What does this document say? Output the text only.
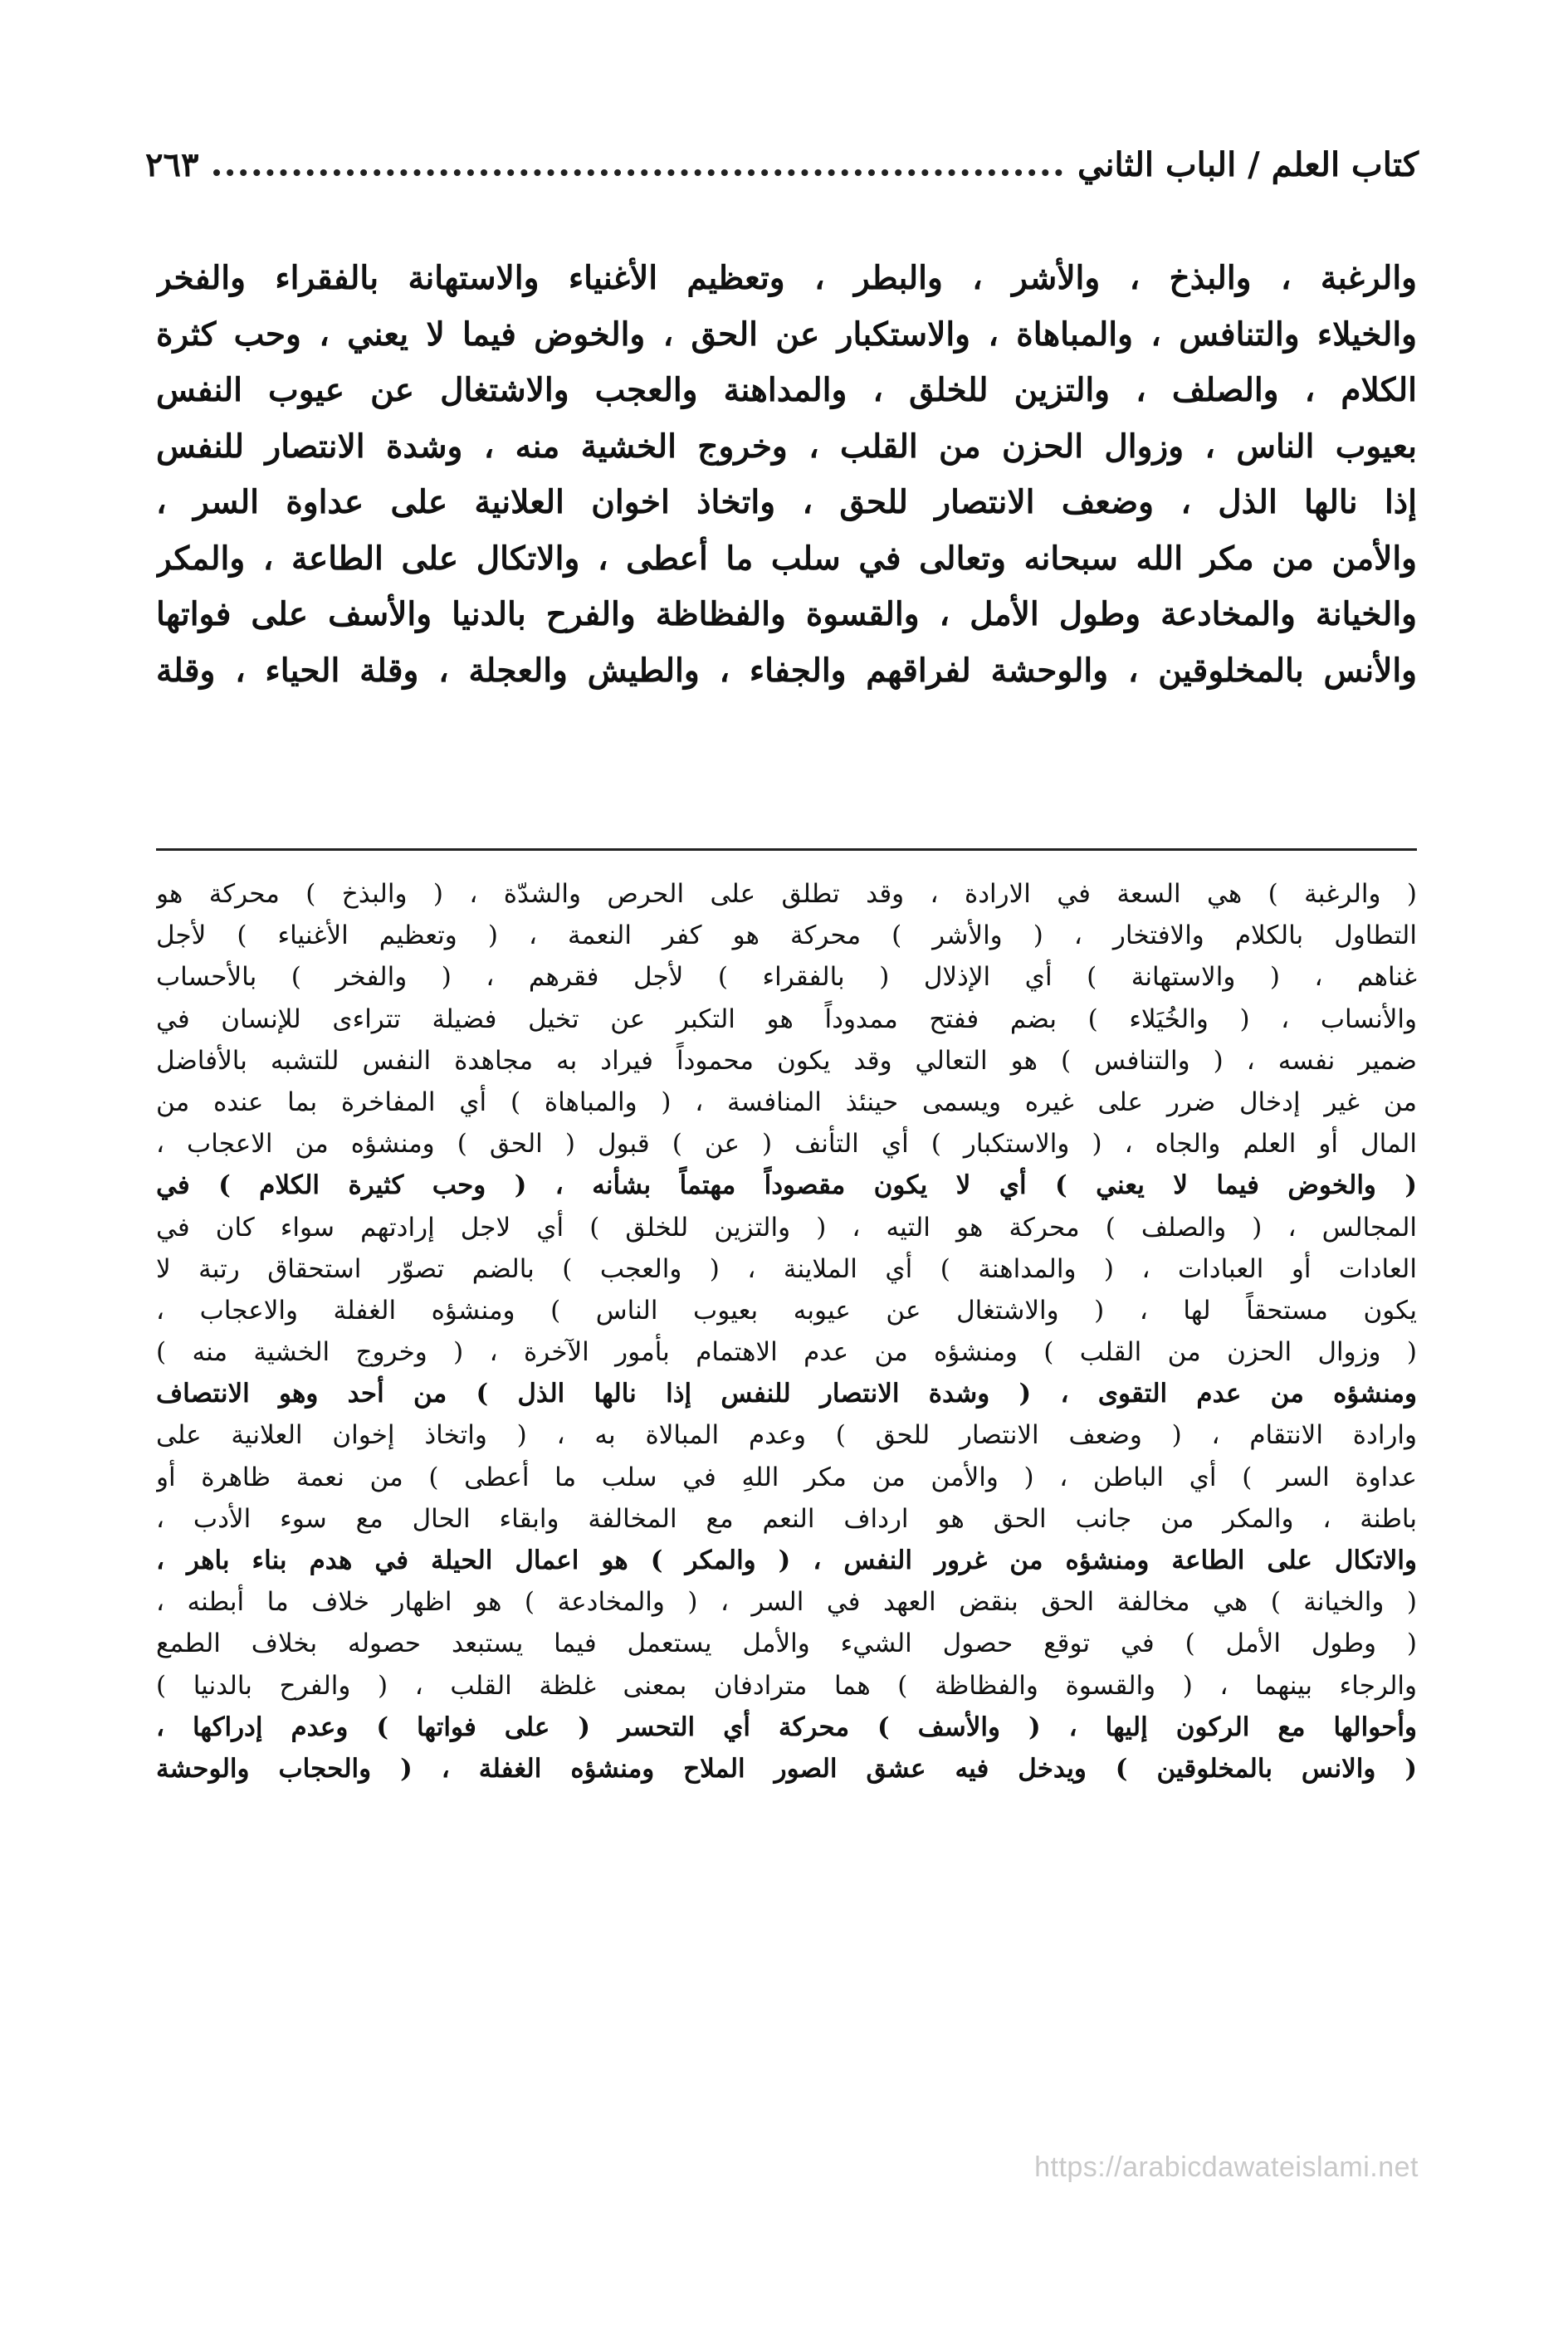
كتاب العلم / الباب الثاني
٢٦٣
والرغبة ، والبذخ ، والأشر ، والبطر ، وتعظيم الأغنياء والاستهانة بالفقراء والفخر
والخيلاء والتنافس ، والمباهاة ، والاستكبار عن الحق ، والخوض فيما لا يعني ، وحب كثرة
الكلام ، والصلف ، والتزين للخلق ، والمداهنة والعجب والاشتغال عن عيوب النفس
بعيوب الناس ، وزوال الحزن من القلب ، وخروج الخشية منه ، وشدة الانتصار للنفس
إذا نالها الذل ، وضعف الانتصار للحق ، واتخاذ اخوان العلانية على عداوة السر ،
والأمن من مكر الله سبحانه وتعالى في سلب ما أعطى ، والاتكال على الطاعة ، والمكر
والخيانة والمخادعة وطول الأمل ، والقسوة والفظاظة والفرح بالدنيا والأسف على فواتها
والأنس بالمخلوقين ، والوحشة لفراقهم والجفاء ، والطيش والعجلة ، وقلة الحياء ، وقلة
( والرغبة ) هي السعة في الارادة ، وقد تطلق على الحرص والشدّة ، ( والبذخ ) محركة هو
التطاول بالكلام والافتخار ، ( والأشر ) محركة هو كفر النعمة ، ( وتعظيم الأغنياء ) لأجل
غناهم ، ( والاستهانة ) أي الإذلال ( بالفقراء ) لأجل فقرهم ، ( والفخر ) بالأحساب
والأنساب ، ( والخُيَلاء ) بضم ففتح ممدوداً هو التكبر عن تخيل فضيلة تتراءى للإنسان في
ضمير نفسه ، ( والتنافس ) هو التعالي وقد يكون محموداً فيراد به مجاهدة النفس للتشبه بالأفاضل
من غير إدخال ضرر على غيره ويسمى حينئذ المنافسة ، ( والمباهاة ) أي المفاخرة بما عنده من
المال أو العلم والجاه ، ( والاستكبار ) أي التأنف ( عن ) قبول ( الحق ) ومنشؤه من الاعجاب ،
( والخوض فيما لا يعني ) أي لا يكون مقصوداً مهتماً بشأنه ، ( وحب كثيرة الكلام ) في
المجالس ، ( والصلف ) محركة هو التيه ، ( والتزين للخلق ) أي لاجل إرادتهم سواء كان في
العادات أو العبادات ، ( والمداهنة ) أي الملاينة ، ( والعجب ) بالضم تصوّر استحقاق رتبة لا
يكون مستحقاً لها ، ( والاشتغال عن عيوبه بعيوب الناس ) ومنشؤه الغفلة والاعجاب ،
( وزوال الحزن من القلب ) ومنشؤه من عدم الاهتمام بأمور الآخرة ، ( وخروج الخشية منه )
ومنشؤه من عدم التقوى ، ( وشدة الانتصار للنفس إذا نالها الذل ) من أحد وهو الانتصاف
وارادة الانتقام ، ( وضعف الانتصار للحق ) وعدم المبالاة به ، ( واتخاذ إخوان العلانية على
عداوة السر ) أي الباطن ، ( والأمن من مكر اللهِ في سلب ما أعطى ) من نعمة ظاهرة أو
باطنة ، والمكر من جانب الحق هو ارداف النعم مع المخالفة وابقاء الحال مع سوء الأدب ،
والاتكال على الطاعة ومنشؤه من غرور النفس ، ( والمكر ) هو اعمال الحيلة في هدم بناء باهر ،
( والخيانة ) هي مخالفة الحق بنقض العهد في السر ، ( والمخادعة ) هو اظهار خلاف ما أبطنه ،
( وطول الأمل ) في توقع حصول الشيء والأمل يستعمل فيما يستبعد حصوله بخلاف الطمع
والرجاء بينهما ، ( والقسوة والفظاظة ) هما مترادفان بمعنى غلظة القلب ، ( والفرح بالدنيا )
وأحوالها مع الركون إليها ، ( والأسف ) محركة أي التحسر ( على فواتها ) وعدم إدراكها ،
( والانس بالمخلوقين ) ويدخل فيه عشق الصور الملاح ومنشؤه الغفلة ، ( والحجاب والوحشة
https://arabicdawateislami.net
